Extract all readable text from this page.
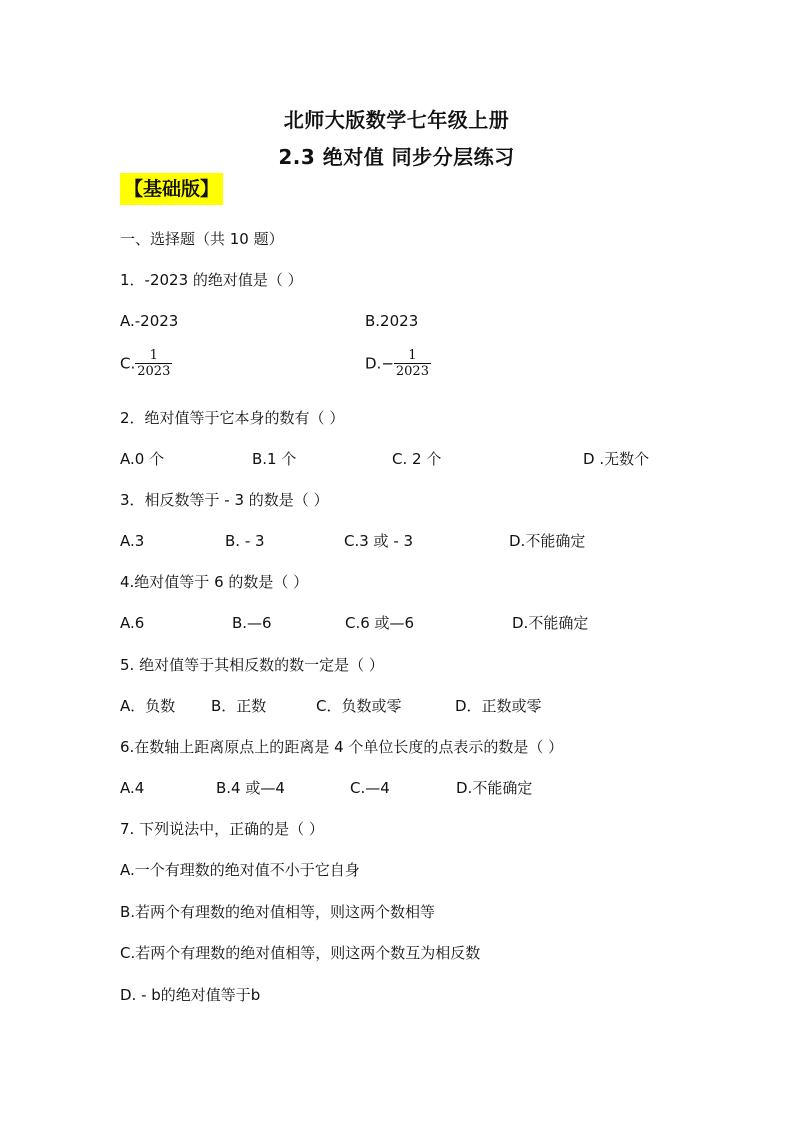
北师大版数学七年级上册
2.3 绝对值 同步分层练习
【基础版】
一、选择题（共 10 题）
1．-2023 的绝对值是（ ）
A.-2023	B.2023
C. $\frac{1}{2023}$	$D.- \frac{1}{2023}$
2．绝对值等于它本身的数有（ ）
A.0 个	B.1 个	C. 2 个	D .无数个
3．相反数等于 - 3 的数是（ ）
A.3	B. - 3	C.3 或 - 3	D.不能确定
4.绝对值等于 6 的数是（ ）
A.6	B.—6	C.6 或—6	D.不能确定
5. 绝对值等于其相反数的数一定是（ ）
A．负数 B．正数	C．负数或零	D．正数或零
6.在数轴上距离原点上的距离是 4 个单位长度的点表示的数是（ ）
A.4	B.4 或—4	C.—4	D.不能确定
7. 下列说法中，正确的是（ ）
A.一个有理数的绝对值不小于它自身
B.若两个有理数的绝对值相等，则这两个数相等
C.若两个有理数的绝对值相等，则这两个数互为相反数
D. - b的绝对值等于b
